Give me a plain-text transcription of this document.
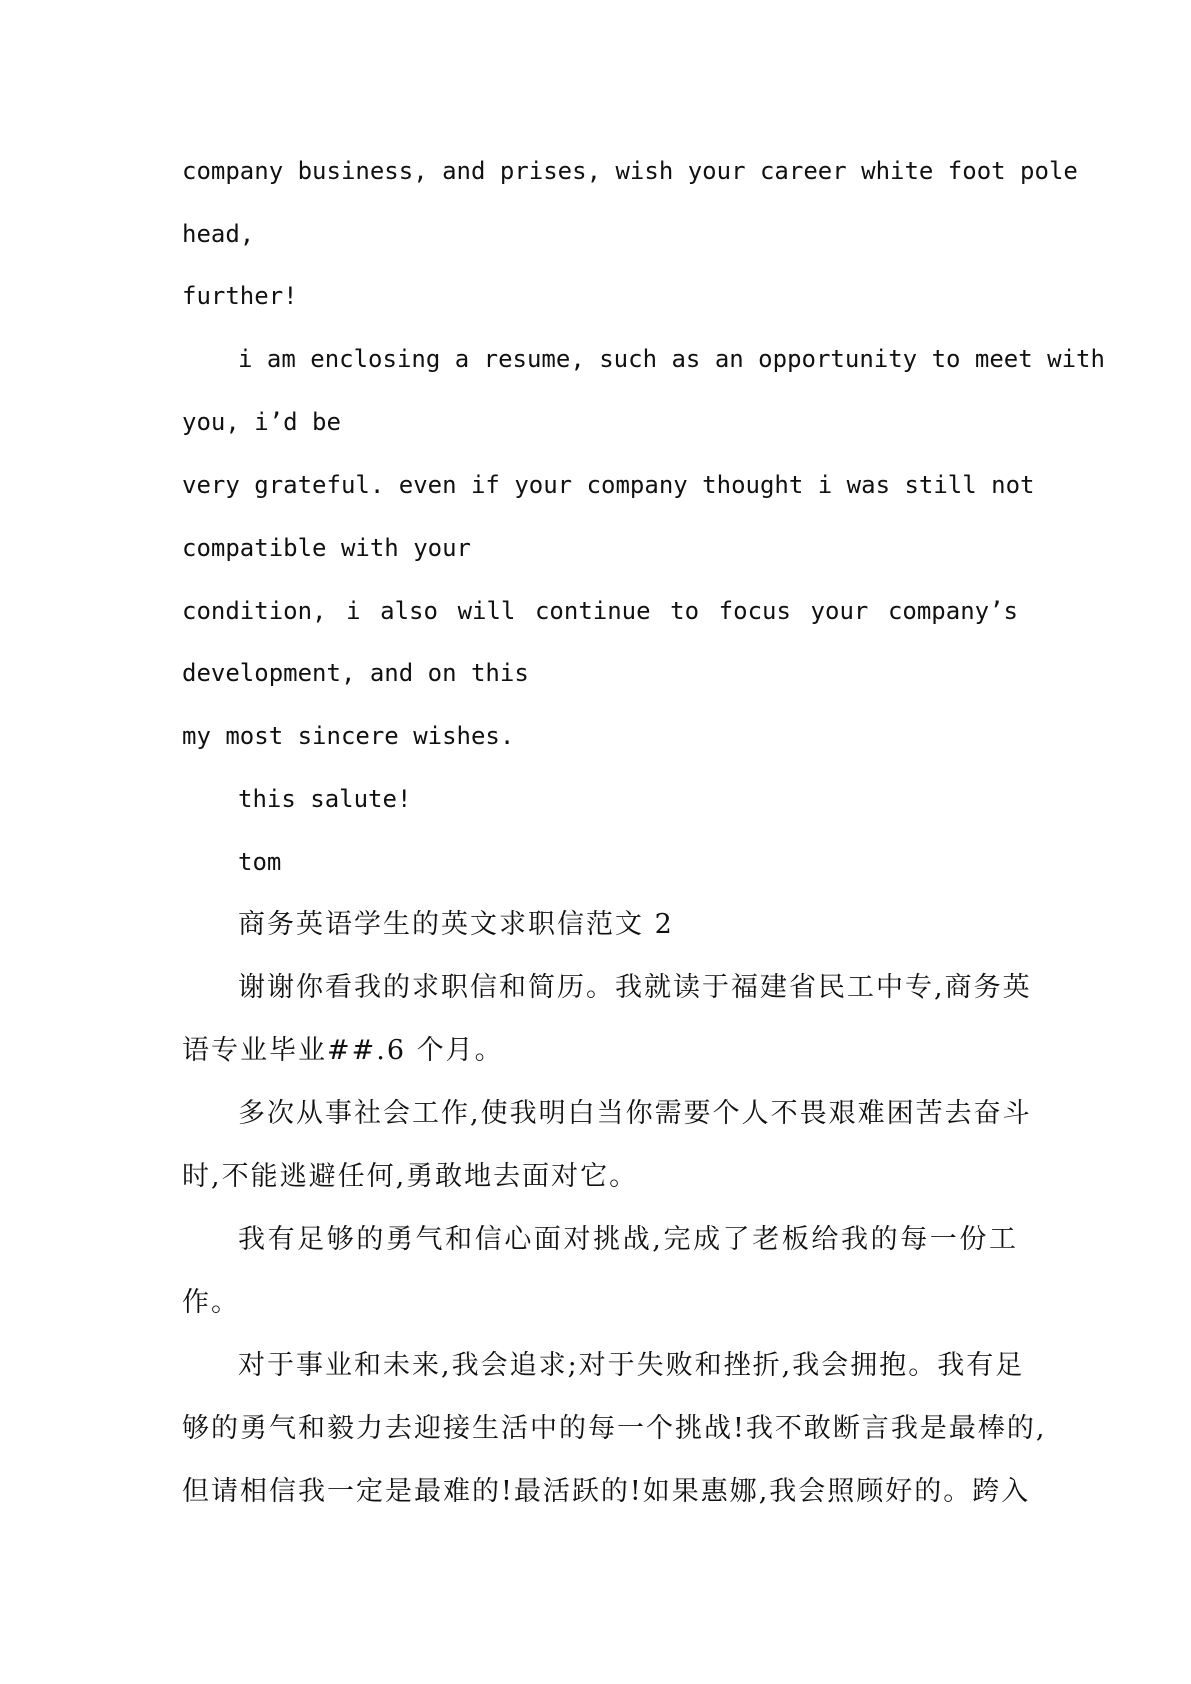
company business, and prises, wish your career white foot pole
head,
further!
i am enclosing a resume, such as an opportunity to meet with
you, i’d be
very grateful. even if your company thought i was still not
compatible with your
condition, i also will continue to focus your company’s
development, and on this
my most sincere wishes.
this salute!
tom
商务英语学生的英文求职信范文 2
谢谢你看我的求职信和简历。我就读于福建省民工中专,商务英
语专业毕业##.6 个月。
多次从事社会工作,使我明白当你需要个人不畏艰难困苦去奋斗
时,不能逃避任何,勇敢地去面对它。
我有足够的勇气和信心面对挑战,完成了老板给我的每一份工
作。
对于事业和未来,我会追求;对于失败和挫折,我会拥抱。我有足
够的勇气和毅力去迎接生活中的每一个挑战!我不敢断言我是最棒的,
但请相信我一定是最难的!最活跃的!如果惠娜,我会照顾好的。跨入
